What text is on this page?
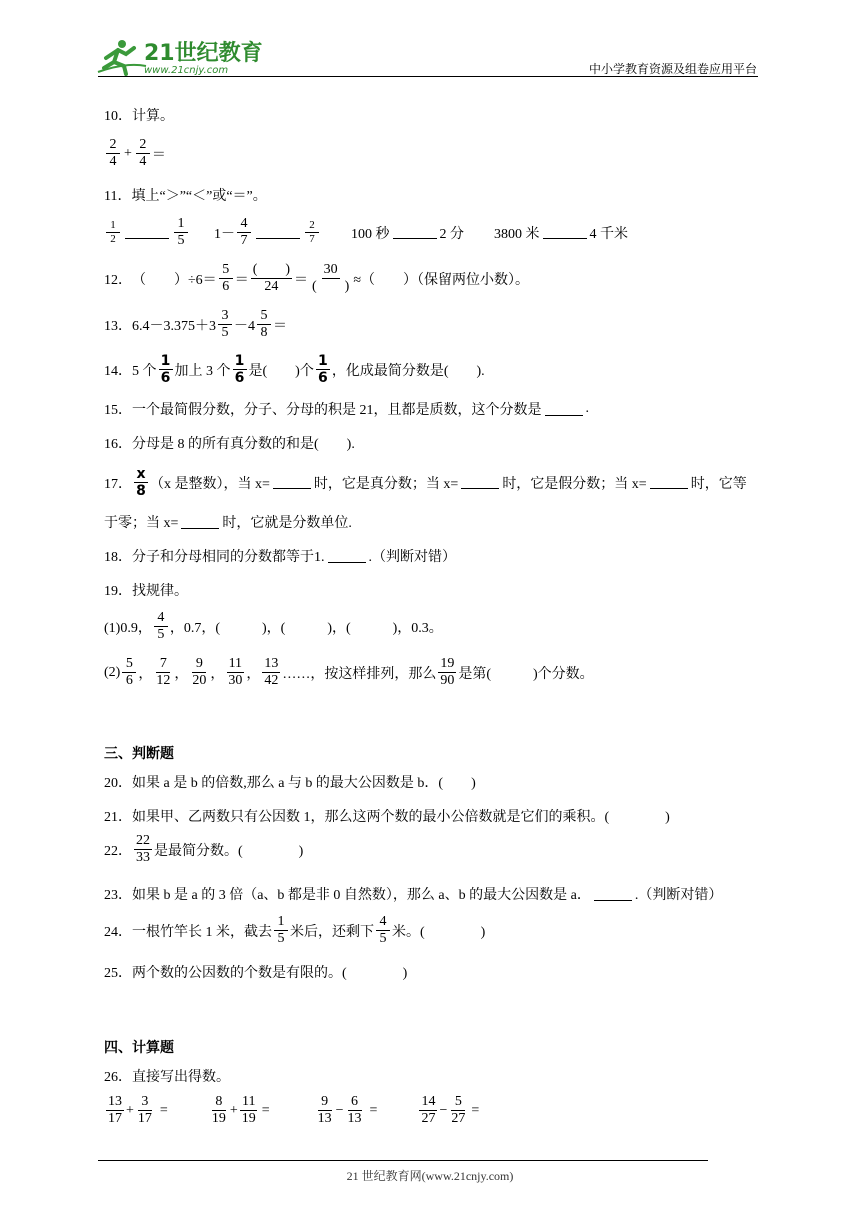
21世纪教育
www.21cnjy.com	中小学教育资源及组卷应用平台
10．计算。
$\frac{2}{4} + \frac{2}{4}$ ＝
11．填上“＞”“＜”或“＝”。
$\frac{1}{2}$	$\frac{1}{5} 1- \frac{4}{7}$	$\frac{2}{7} 100$ 秒	2 分 3800 米	4 千米
12． （　　）$\div 6= \frac{5}{6} = \frac{( )}{24} = \frac{30}{( )}$ ≈（　　）（保留两位小数）。
13． $6.4-3.375+3 \frac{3}{5} -4 \frac{5}{8}$ ＝
14．5 个 $\frac{1}{6}$ 加上 3 个 $\frac{1}{6}$ 是(　　)个 $\frac{1}{6}$ ，化成最简分数是(　　).
15．一个最简假分数，分子、分母的积是 21，且都是质数，这个分数是	.
16．分母是 8 的所有真分数的和是(　　).
17． $\frac{x}{8} (x$ 是整数），当 x=	时，它是真分数；当 x=	时，它是假分数；当 x=	时，它等
于零；当 x=	时，它就是分数单位.
18．分子和分母相同的分数都等于1.	.（判断对错）
19．找规律。
(1)0.9， $\frac{4}{5}$ ，0.7，(　　　)，(　　　)，(　　　)，0.3。
$(2) \frac{5}{6}$ ， $\frac{7}{12}$ ， $\frac{9}{20}$ ， $\frac{11}{30}$ ， $\frac{13}{42}$ ……，按这样排列，那么 $\frac{19}{90}$ 是第(　　　)个分数。
三、判断题
20．如果 a 是 b 的倍数,那么 a 与 b 的最大公因数是 b．(　　)
21．如果甲、乙两数只有公因数 1，那么这两个数的最小公倍数就是它们的乘积。(　　　　)
22． $\frac{22}{33}$ 是最简分数。(　　　　)
23．如果 b 是 a 的 3 倍（a、b 都是非 0 自然数），那么 a、b 的最大公因数是 a．	.（判断对错）
24．一根竹竿长 1 米，截去 $\frac{1}{5}$ 米后，还剩下 $\frac{4}{5}$ 米。(　　　　)
25．两个数的公因数的个数是有限的。(　　　　)
四、计算题
26．直接写出得数。
$\frac{13}{17} + \frac{3}{17}$ =	$\frac{8}{19} + \frac{11}{19}$ =	$\frac{9}{13} - \frac{6}{13}$ =	$\frac{14}{27} - \frac{5}{27}$ =
21 世纪教育网(www.21cnjy.com)
